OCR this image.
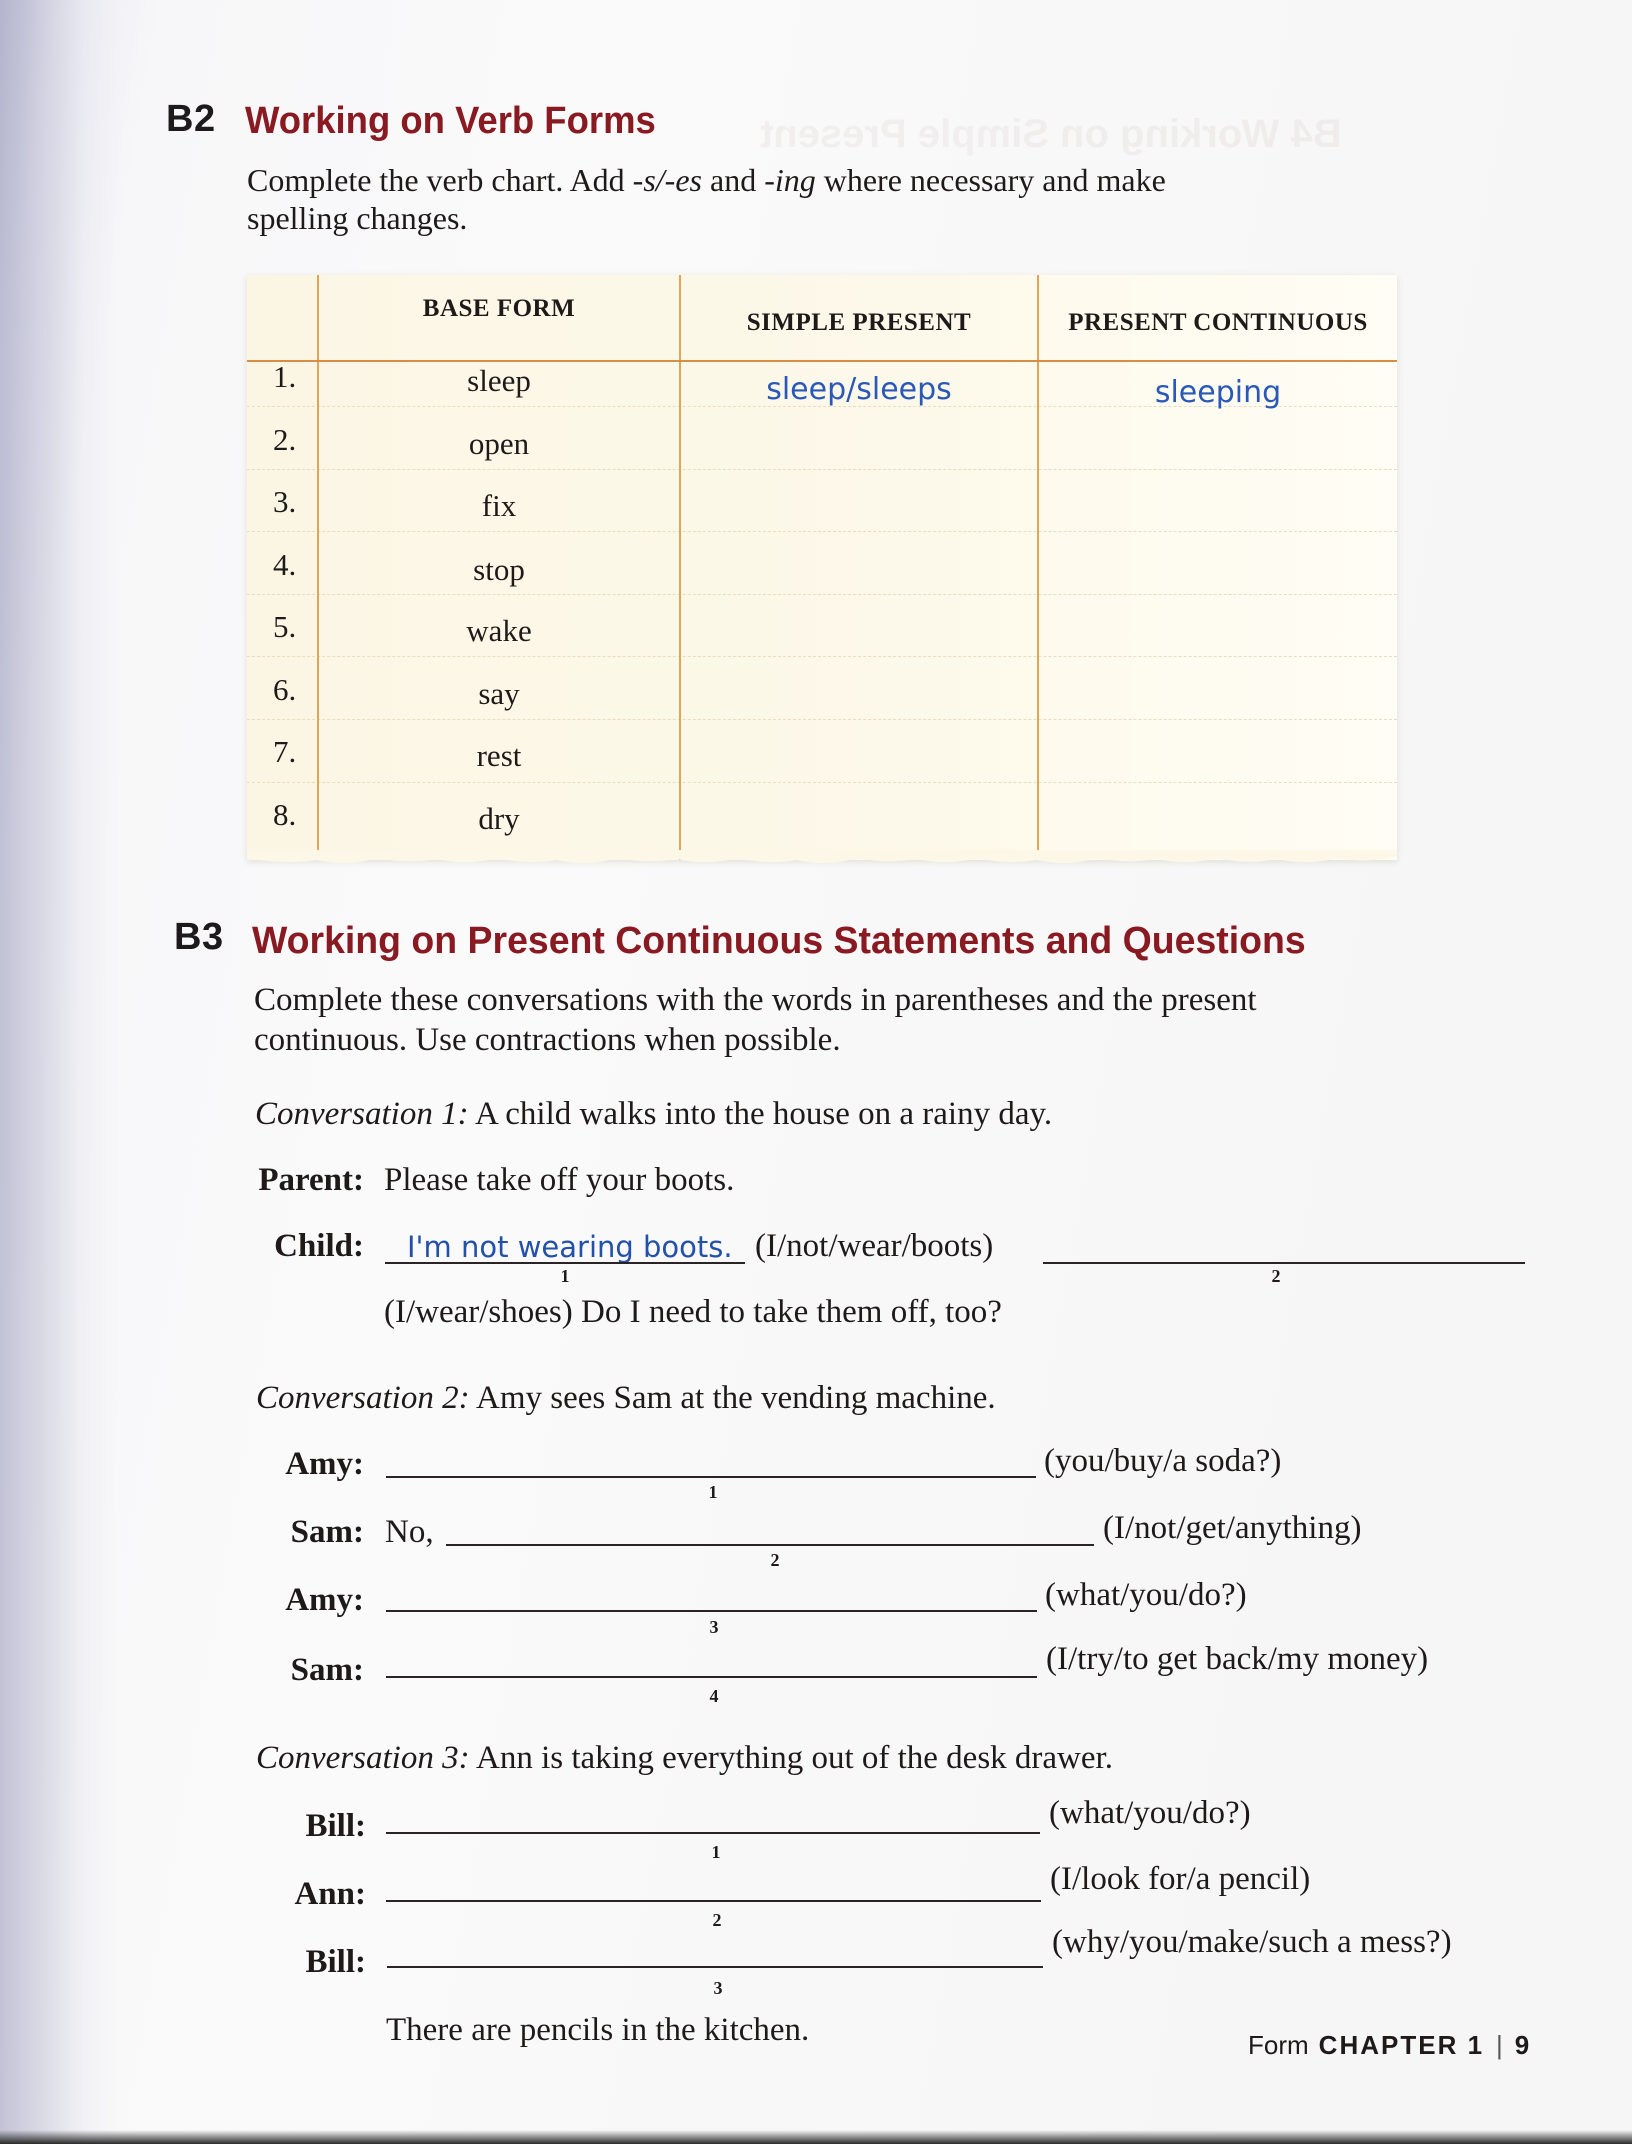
B4 Working on Simple Present
B2 Working on Verb Forms
Complete the verb chart. Add -s/-es and -ing where necessary and make
spelling changes.
BASE FORM
SIMPLE PRESENT	PRESENT CONTINUOUS
1.	sleep	sleep/sleeps	sleeping
2.	open
3.	fix
4.	stop
5.	wake
6.	say
7.	rest
8.	dry
B3 Working on Present Continuous Statements and Questions
Complete these conversations with the words in parentheses and the present
continuous. Use contractions when possible.
Conversation 1: A child walks into the house on a rainy day.
Parent: Please take off your boots.
Child: I'm not wearing boots.
1
(I/not/wear/boots)
2
(I/wear/shoes) Do I need to take them off, too?
Conversation 2: Amy sees Sam at the vending machine.
Amy:
1
(you/buy/a soda?)
Sam: No,
2
(I/not/get/anything)
Amy:
3
(what/you/do?)
Sam:
4
(I/try/to get back/my money)
Conversation 3: Ann is taking everything out of the desk drawer.
Bill:
1
(what/you/do?)
Ann:
2
(I/look for/a pencil)
Bill:
3
(why/you/make/such a mess?)
There are pencils in the kitchen.	Form CHAPTER 1 | 9
